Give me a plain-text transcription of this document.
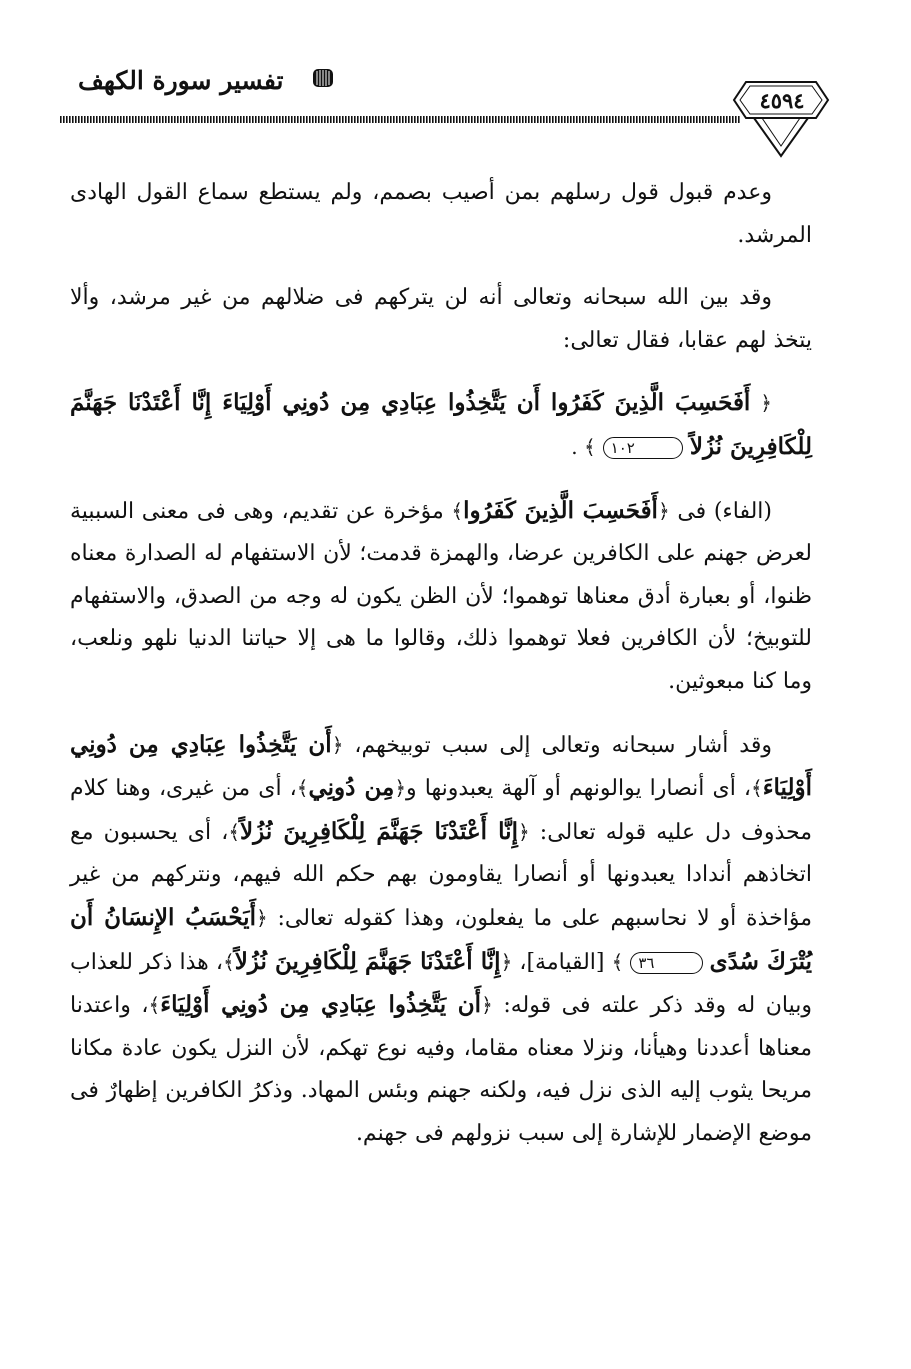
تفسير سورة الكهف
٤٥٩٤

وعدم قبول قول رسلهم بمن أصيب بصمم، ولم يستطع سماع القول الهادى المرشد.

وقد بين الله سبحانه وتعالى أنه لن يتركهم فى ضلالهم من غير مرشد، وألا يتخذ لهم عقابا، فقال تعالى:

﴿ أَفَحَسِبَ الَّذِينَ كَفَرُوا أَن يَتَّخِذُوا عِبَادِي مِن دُونِي أَوْلِيَاءَ إِنَّا أَعْتَدْنَا جَهَنَّمَ لِلْكَافِرِينَ نُزُلاً ١٠٢ ﴾ .

(الفاء) فى ﴿أَفَحَسِبَ الَّذِينَ كَفَرُوا﴾ مؤخرة عن تقديم، وهى فى معنى السببية لعرض جهنم على الكافرين عرضا، والهمزة قدمت؛ لأن الاستفهام له الصدارة معناه ظنوا، أو بعبارة أدق معناها توهموا؛ لأن الظن يكون له وجه من الصدق، والاستفهام للتوبيخ؛ لأن الكافرين فعلا توهموا ذلك، وقالوا ما هى إلا حياتنا الدنيا نلهو ونلعب، وما كنا مبعوثين.

وقد أشار سبحانه وتعالى إلى سبب توبيخهم، ﴿أَن يَتَّخِذُوا عِبَادِي مِن دُونِي أَوْلِيَاءَ﴾، أى أنصارا يوالونهم أو آلهة يعبدونها و﴿مِن دُونِي﴾، أى من غيرى، وهنا كلام محذوف دل عليه قوله تعالى: ﴿إِنَّا أَعْتَدْنَا جَهَنَّمَ لِلْكَافِرِينَ نُزُلاً﴾، أى يحسبون مع اتخاذهم أندادا يعبدونها أو أنصارا يقاومون بهم حكم الله فيهم، ونتركهم من غير مؤاخذة أو لا نحاسبهم على ما يفعلون، وهذا كقوله تعالى: ﴿أَيَحْسَبُ الإِنسَانُ أَن يُتْرَكَ سُدًى ٣٦ ﴾ [القيامة]، ﴿إِنَّا أَعْتَدْنَا جَهَنَّمَ لِلْكَافِرِينَ نُزُلاً﴾، هذا ذكر للعذاب وبيان له وقد ذكر علته فى قوله: ﴿أَن يَتَّخِذُوا عِبَادِي مِن دُونِي أَوْلِيَاءَ﴾، واعتدنا معناها أعددنا وهيأنا، ونزلا معناه مقاما، وفيه نوع تهكم، لأن النزل يكون عادة مكانا مريحا يثوب إليه الذى نزل فيه، ولكنه جهنم وبئس المهاد. وذكرُ الكافرين إظهارٌ فى موضع الإضمار للإشارة إلى سبب نزولهم فى جهنم.
